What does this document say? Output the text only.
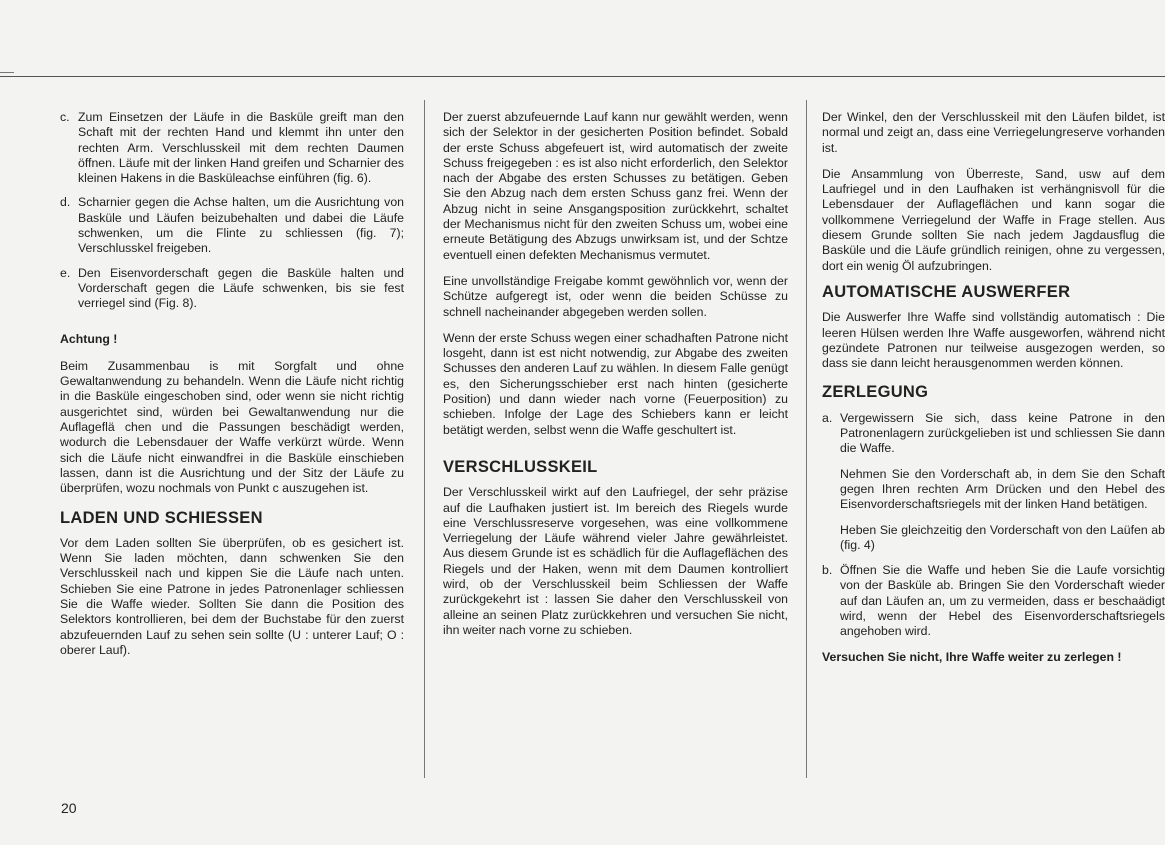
c. Zum Einsetzen der Läufe in die Basküle greift man den Schaft mit der rechten Hand und klemmt ihn unter den rechten Arm. Verschlusskeil mit dem rechten Daumen öffnen. Läufe mit der linken Hand greifen und Scharnier des kleinen Hakens in die Basküleachse einführen (fig. 6).
d. Scharnier gegen die Achse halten, um die Ausrichtung von Basküle und Läufen beizubehalten und dabei die Läufe schwenken, um die Flinte zu schliessen (fig. 7); Verschlusskel freigeben.
e. Den Eisenvorderschaft gegen die Basküle halten und Vorderschaft gegen die Läufe schwenken, bis sie fest verriegel sind (Fig. 8).
Achtung !

Beim Zusammenbau is mit Sorgfalt und ohne Gewaltanwendung zu behandeln. Wenn die Läufe nicht richtig in die Basküle eingeschoben sind, oder wenn sie nicht richtig ausgerichtet sind, würden bei Gewaltanwendung nur die Auflageflä chen und die Passungen beschädigt werden, wodurch die Lebensdauer der Waffe verkürzt würde. Wenn sich die Läufe nicht einwandfrei in die Basküle einschieben lassen, dann ist die Ausrichtung und der Sitz der Läufe zu überprüfen, wozu nochmals von Punkt c auszugehen ist.

LADEN UND SCHIESSEN

Vor dem Laden sollten Sie überprüfen, ob es gesichert ist. Wenn Sie laden möchten, dann schwenken Sie den Verschlusskeil nach und kippen Sie die Läufe nach unten. Schieben Sie eine Patrone in jedes Patronenlager schliessen Sie die Waffe wieder. Sollten Sie dann die Position des Selektors kontrollieren, bei dem der Buchstabe für den zuerst abzufeuernden Lauf zu sehen sein sollte (U : unterer Lauf; O : oberer Lauf).

Der zuerst abzufeuernde Lauf kann nur gewählt werden, wenn sich der Selektor in der gesicherten Position befindet. Sobald der erste Schuss abgefeuert ist, wird automatisch der zweite Schuss freigegeben : es ist also nicht erforderlich, den Selektor nach der Abgabe des ersten Schusses zu betätigen. Geben Sie den Abzug nach dem ersten Schuss ganz frei. Wenn der Abzug nicht in seine Ansgangsposition zurückkehrt, schaltet der Mechanismus nicht für den zweiten Schuss um, wobei eine erneute Betätigung des Abzugs unwirksam ist, und der Schtze eventuell einen defekten Mechanismus vermutet.

Eine unvollständige Freigabe kommt gewöhnlich vor, wenn der Schütze aufgeregt ist, oder wenn die beiden Schüsse zu schnell nacheinander abgegeben werden sollen.

Wenn der erste Schuss wegen einer schadhaften Patrone nicht losgeht, dann ist est nicht notwendig, zur Abgabe des zweiten Schusses den anderen Lauf zu wählen. In diesem Falle genügt es, den Sicherungsschieber erst nach hinten (gesicherte Position) und dann wieder nach vorne (Feuerposition) zu schieben. Infolge der Lage des Schiebers kann er leicht betätigt werden, selbst wenn die Waffe geschultert ist.

VERSCHLUSSKEIL

Der Verschlusskeil wirkt auf den Laufriegel, der sehr präzise auf die Laufhaken justiert ist. Im bereich des Riegels wurde eine Verschlussreserve vorgesehen, was eine vollkommene Verriegelung der Läufe während vieler Jahre gewährleistet. Aus diesem Grunde ist es schädlich für die Auflageflächen des Riegels und der Haken, wenn mit dem Daumen kontrolliert wird, ob der Verschlusskeil beim Schliessen der Waffe zurückgekehrt ist : lassen Sie daher den Verschlusskeil von alleine an seinen Platz zurückkehren und versuchen Sie nicht, ihn weiter nach vorne zu schieben.

Der Winkel, den der Verschlusskeil mit den Läufen bildet, ist normal und zeigt an, dass eine Verriegelungreserve vorhanden ist.

Die Ansammlung von Überreste, Sand, usw auf dem Laufriegel und in den Laufhaken ist verhängnisvoll für die Lebensdauer der Auflageflächen und kann sogar die vollkommene Verriegelund der Waffe in Frage stellen. Aus diesem Grunde sollten Sie nach jedem Jagdausflug die Basküle und die Läufe gründlich reinigen, ohne zu vergessen, dort ein wenig Öl aufzubringen.

AUTOMATISCHE AUSWERFER

Die Auswerfer Ihre Waffe sind vollständig automatisch : Die leeren Hülsen werden Ihre Waffe ausgeworfen, während nicht gezündete Patronen nur teilweise ausgezogen werden, so dass sie dann leicht herausgenommen werden können.

ZERLEGUNG
a. Vergewissern Sie sich, dass keine Patrone in den Patronenlagern zurückgelieben ist und schliessen Sie dann die Waffe.
Nehmen Sie den Vorderschaft ab, in dem Sie den Schaft gegen Ihren rechten Arm Drücken und den Hebel des Eisenvorderschaftsriegels mit der linken Hand betätigen.
Heben Sie gleichzeitig den Vorderschaft von den Laüfen ab (fig. 4)
b. Öffnen Sie die Waffe und heben Sie die Laufe vorsichtig von der Basküle ab. Bringen Sie den Vorderschaft wieder auf dan Läufen an, um zu vermeiden, dass er beschaädigt wird, wenn der Hebel des Eisenvorderschaftsriegels angehoben wird.

Versuchen Sie nicht, Ihre Waffe weiter zu zerlegen !

20
